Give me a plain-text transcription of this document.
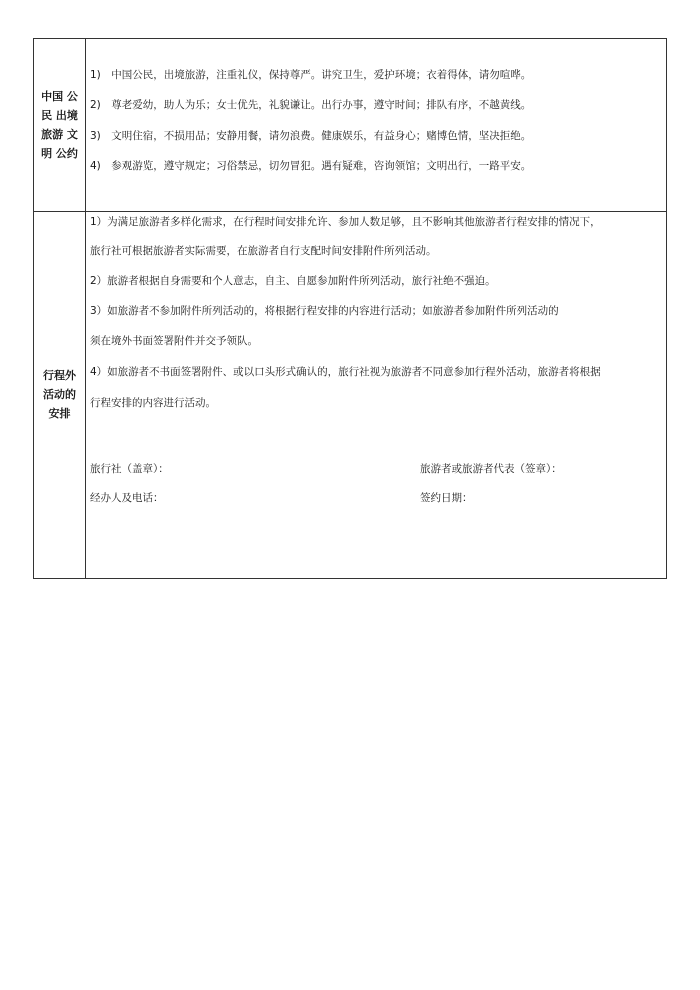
中国 公民 出境 旅游 文明 公约
1)　中国公民，出境旅游，注重礼仪，保持尊严。讲究卫生，爱护环境；衣着得体，请勿喧哗。
2)　尊老爱幼，助人为乐；女士优先，礼貌谦让。出行办事，遵守时间；排队有序，不越黄线。
3)　文明住宿，不损用品；安静用餐，请勿浪费。健康娱乐，有益身心；赌博色情，坚决拒绝。
4)　参观游览，遵守规定；习俗禁忌，切勿冒犯。遇有疑难，咨询领馆；文明出行，一路平安。
行程外活动的安排
1）为满足旅游者多样化需求，在行程时间安排允许、参加人数足够，且不影响其他旅游者行程安排的情况下，
旅行社可根据旅游者实际需要，在旅游者自行支配时间安排附件所列活动。
2）旅游者根据自身需要和个人意志，自主、自愿参加附件所列活动，旅行社绝不强迫。
3）如旅游者不参加附件所列活动的，将根据行程安排的内容进行活动；如旅游者参加附件所列活动的
须在境外书面签署附件并交予领队。
4）如旅游者不书面签署附件、或以口头形式确认的，旅行社视为旅游者不同意参加行程外活动，旅游者将根据
行程安排的内容进行活动。
旅行社（盖章）：	旅游者或旅游者代表（签章）：
经办人及电话：	签约日期：
